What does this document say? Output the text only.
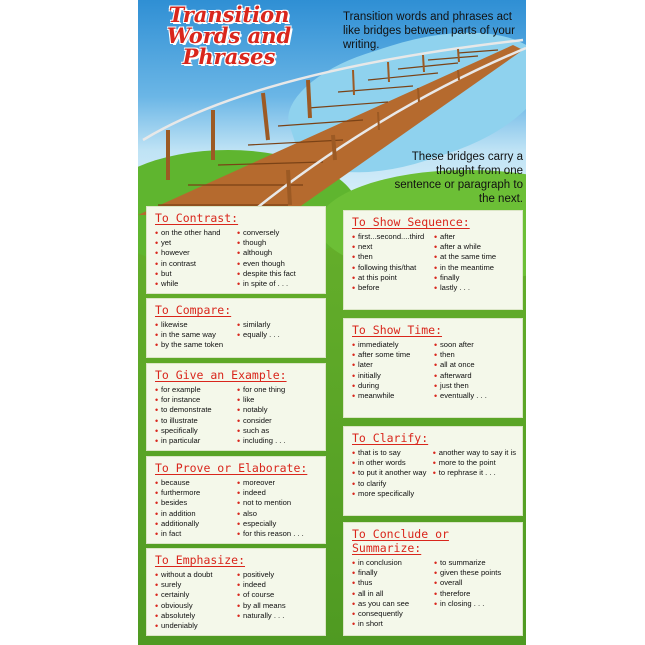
Transition
Words and
Phrases
Transition words and phrases act like bridges between parts of your writing.
These bridges carry a thought from one sentence or paragraph to the next.
To Contrast:
• on the other hand
• yet
• however
• in contrast
• but
• while
• conversely
• though
• although
• even though
• despite this fact
• in spite of . . .
To Compare:
• likewise
• in the same way
• by the same token
• similarly
• equally . . .
To Give an Example:
• for example
• for instance
• to demonstrate
• to illustrate
• specifically
• in particular
• for one thing
• like
• notably
• consider
• such as
• including . . .
To Prove or Elaborate:
• because
• furthermore
• besides
• in addition
• additionally
• in fact
• moreover
• indeed
• not to mention
• also
• especially
• for this reason . . .
To Emphasize:
• without a doubt
• surely
• certainly
• obviously
• absolutely
• undeniably
• positively
• indeed
• of course
• by all means
• naturally . . .
To Show Sequence:
• first...second....third
• next
• then
• following this/that
• at this point
• before
• after
• after a while
• at the same time
• in the meantime
• finally
• lastly . . .
To Show Time:
• immediately
• after some time
• later
• initially
• during
• meanwhile
• soon after
• then
• all at once
• afterward
• just then
• eventually . . .
To Clarify:
• that is to say
• in other words
• to put it another way
• to clarify
• more specifically
• another way to say it is
• more to the point
• to rephrase it . . .
To Conclude or Summarize:
• in conclusion
• finally
• thus
• all in all
• as you can see
• consequently
• in short
• to summarize
• given these points
• overall
• therefore
• in closing . . .
